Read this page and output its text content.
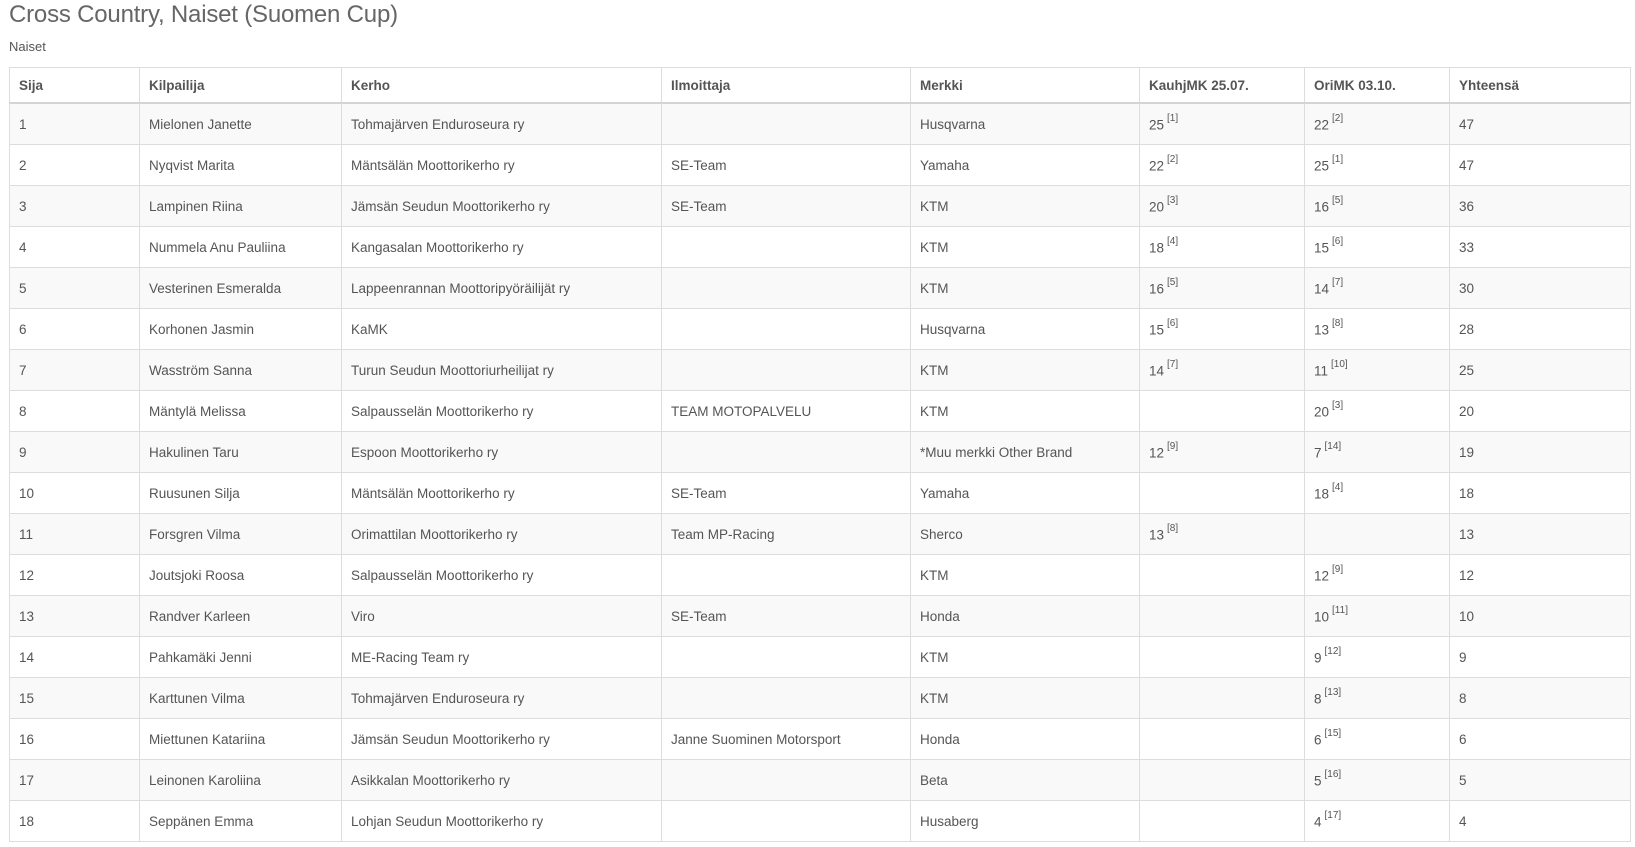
Cross Country, Naiset (Suomen Cup)
Naiset
Sija	Kilpailija	Kerho	Ilmoittaja	Merkki	KauhjMK 25.07.	OriMK 03.10.	Yhteensä
1	Mielonen Janette	Tohmajärven Enduroseura ry		Husqvarna	25 [1]	22 [2]	47
2	Nyqvist Marita	Mäntsälän Moottorikerho ry	SE-Team	Yamaha	22 [2]	25 [1]	47
3	Lampinen Riina	Jämsän Seudun Moottorikerho ry	SE-Team	KTM	20 [3]	16 [5]	36
4	Nummela Anu Pauliina	Kangasalan Moottorikerho ry		KTM	18 [4]	15 [6]	33
5	Vesterinen Esmeralda	Lappeenrannan Moottoripyöräilijät ry		KTM	16 [5]	14 [7]	30
6	Korhonen Jasmin	KaMK		Husqvarna	15 [6]	13 [8]	28
7	Wasström Sanna	Turun Seudun Moottoriurheilijat ry		KTM	14 [7]	11 [10]	25
8	Mäntylä Melissa	Salpausselän Moottorikerho ry	TEAM MOTOPALVELU	KTM		20 [3]	20
9	Hakulinen Taru	Espoon Moottorikerho ry		*Muu merkki Other Brand	12 [9]	7 [14]	19
10	Ruusunen Silja	Mäntsälän Moottorikerho ry	SE-Team	Yamaha		18 [4]	18
11	Forsgren Vilma	Orimattilan Moottorikerho ry	Team MP-Racing	Sherco	13 [8]		13
12	Joutsjoki Roosa	Salpausselän Moottorikerho ry		KTM		12 [9]	12
13	Randver Karleen	Viro	SE-Team	Honda		10 [11]	10
14	Pahkamäki Jenni	ME-Racing Team ry		KTM		9 [12]	9
15	Karttunen Vilma	Tohmajärven Enduroseura ry		KTM		8 [13]	8
16	Miettunen Katariina	Jämsän Seudun Moottorikerho ry	Janne Suominen Motorsport	Honda		6 [15]	6
17	Leinonen Karoliina	Asikkalan Moottorikerho ry		Beta		5 [16]	5
18	Seppänen Emma	Lohjan Seudun Moottorikerho ry		Husaberg		4 [17]	4
